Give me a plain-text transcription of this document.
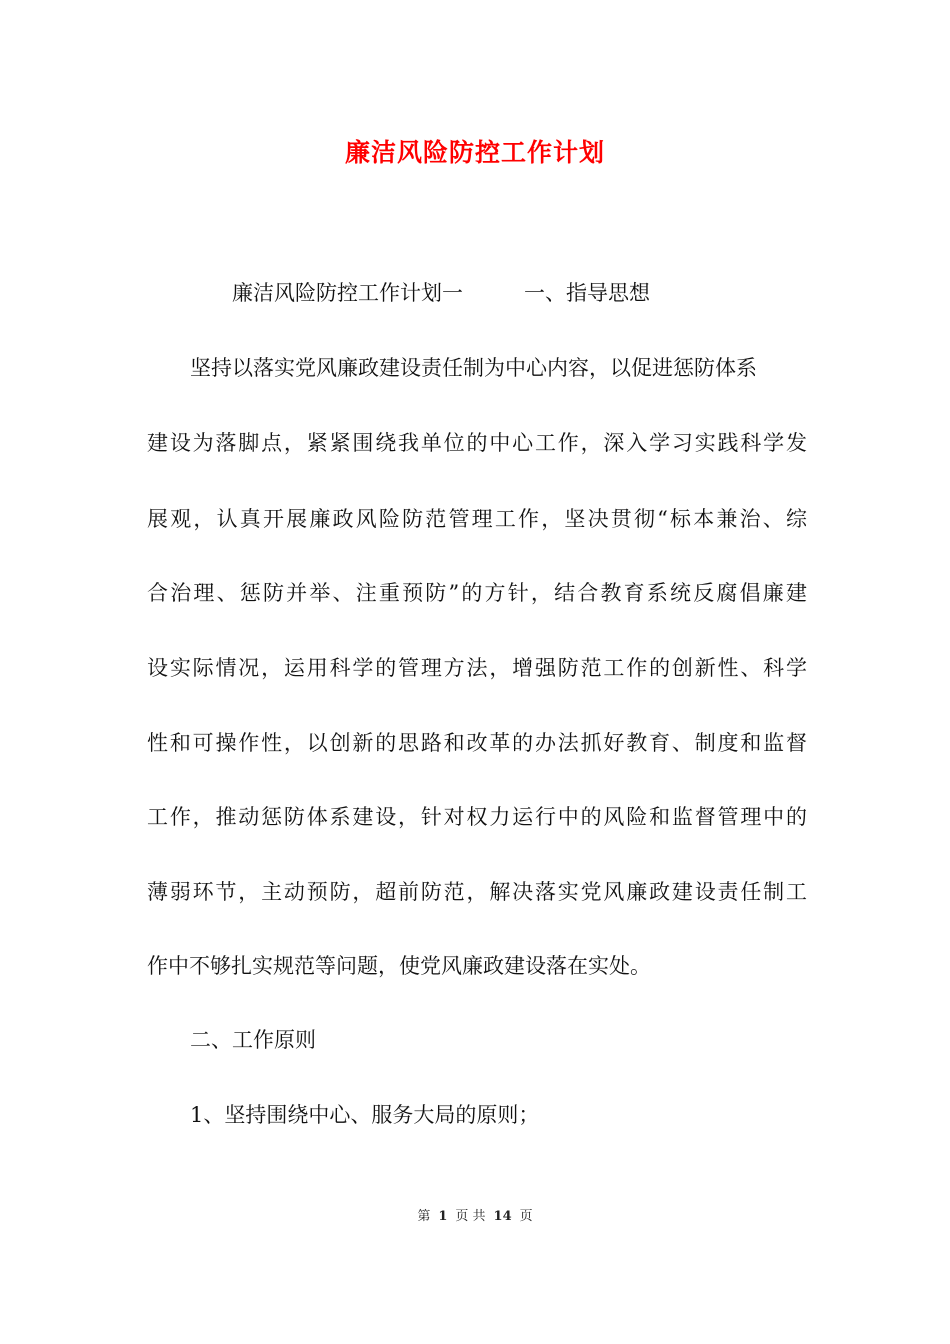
廉洁风险防控工作计划
廉洁风险防控工作计划一	一、指导思想
坚持以落实党风廉政建设责任制为中心内容，以促进惩防体系
建设为落脚点，紧紧围绕我单位的中心工作，深入学习实践科学发
展观，认真开展廉政风险防范管理工作，坚决贯彻“标本兼治、综
合治理、惩防并举、注重预防”的方针，结合教育系统反腐倡廉建
设实际情况，运用科学的管理方法，增强防范工作的创新性、科学
性和可操作性，以创新的思路和改革的办法抓好教育、制度和监督
工作，推动惩防体系建设，针对权力运行中的风险和监督管理中的
薄弱环节，主动预防，超前防范，解决落实党风廉政建设责任制工
作中不够扎实规范等问题，使党风廉政建设落在实处。
二、工作原则
1、坚持围绕中心、服务大局的原则；
第 1 页 共 14 页
